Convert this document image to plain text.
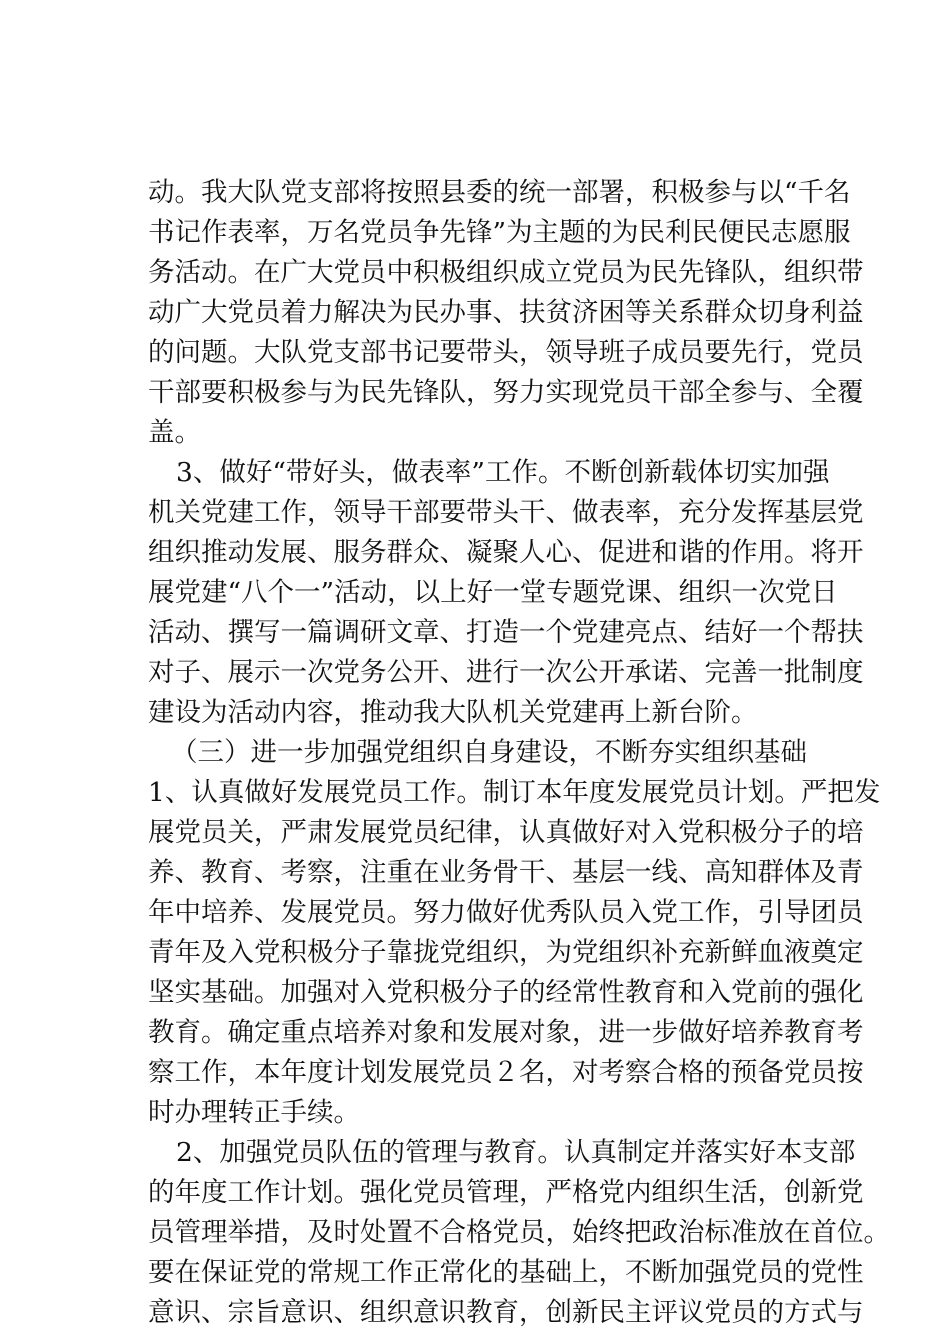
动。我大队党支部将按照县委的统一部署，积极参与以“千名
书记作表率，万名党员争先锋”为主题的为民利民便民志愿服
务活动。在广大党员中积极组织成立党员为民先锋队，组织带
动广大党员着力解决为民办事、扶贫济困等关系群众切身利益
的问题。大队党支部书记要带头，领导班子成员要先行，党员
干部要积极参与为民先锋队，努力实现党员干部全参与、全覆
盖。
3、做好“带好头，做表率”工作。不断创新载体切实加强
机关党建工作，领导干部要带头干、做表率，充分发挥基层党
组织推动发展、服务群众、凝聚人心、促进和谐的作用。将开
展党建“八个一”活动，以上好一堂专题党课、组织一次党日
活动、撰写一篇调研文章、打造一个党建亮点、结好一个帮扶
对子、展示一次党务公开、进行一次公开承诺、完善一批制度
建设为活动内容，推动我大队机关党建再上新台阶。
（三）进一步加强党组织自身建设，不断夯实组织基础
1、认真做好发展党员工作。制订本年度发展党员计划。严把发
展党员关，严肃发展党员纪律，认真做好对入党积极分子的培
养、教育、考察，注重在业务骨干、基层一线、高知群体及青
年中培养、发展党员。努力做好优秀队员入党工作，引导团员
青年及入党积极分子靠拢党组织，为党组织补充新鲜血液奠定
坚实基础。加强对入党积极分子的经常性教育和入党前的强化
教育。确定重点培养对象和发展对象，进一步做好培养教育考
察工作，本年度计划发展党员２名，对考察合格的预备党员按
时办理转正手续。
2、加强党员队伍的管理与教育。认真制定并落实好本支部
的年度工作计划。强化党员管理，严格党内组织生活，创新党
员管理举措，及时处置不合格党员，始终把政治标准放在首位。
要在保证党的常规工作正常化的基础上，不断加强党员的党性
意识、宗旨意识、组织意识教育，创新民主评议党员的方式与
